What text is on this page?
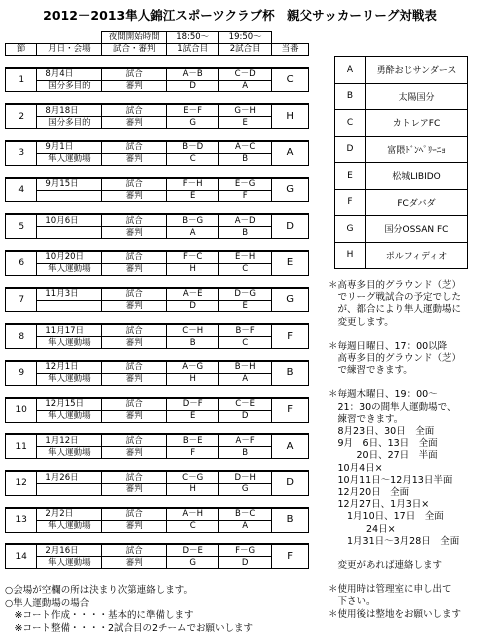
2012－2013隼人錦江スポーツクラブ杯　親父サッカーリーグ対戦表
		夜間開始時間	18:50～	19:50～	
節	月日・会場	試合・審判	1試合目	2試合目	当番

1	8月4日	試合	A－B	C－D	C
	国分多目的	審判	D	A	

2	8月18日	試合	E－F	G－H	H
	国分多目的	審判	G	E	

3	9月1日	試合	B－D	A－C	A
	隼人運動場	審判	C	B	

4	9月15日	試合	F－H	E－G	G
		審判	E	F	

5	10月6日	試合	B－G	A－D	D
		審判	A	B	

6	10月20日	試合	F－C	E－H	E
	隼人運動場	審判	H	C	

7	11月3日	試合	A－E	D－G	G
		審判	D	E	

8	11月17日	試合	C－H	B－F	F
	隼人運動場	審判	B	C	

9	12月1日	試合	A－G	B－H	B
	隼人運動場	審判	H	A	

10	12月15日	試合	D－F	C－E	F
	隼人運動場	審判	E	D	

11	1月12日	試合	B－E	A－F	A
	隼人運動場	審判	F	B	

12	1月26日	試合	C－G	D－H	D
		審判	H	G	

13	2月2日	試合	A－H	B－C	B
	隼人運動場	審判	C	A	

14	2月16日	試合	D－E	F－G	F
	隼人運動場	審判	G	D	
A	勇酔おじサンダース
B	太陽国分
C	カトレアFC
D	富隈ﾄﾞﾝﾍﾟﾘｰﾆｮ
E	松城LIBIDO
F	FCダバダ
G	国分OSSAN FC
H	ポルフィディオ
＊高専多目的グラウンド（芝）
　でリーグ戦試合の予定でした
　が、都合により隼人運動場に
　変更します。
＊毎週日曜日、17：00以降
　高専多目的グラウンド（芝）
　で練習できます。
＊毎週木曜日、19：00～
　21：30の間隼人運動場で、
　練習できます。
　8月23日、30日　全面
　9月　6日、13日　全面
　　　20日、27日　半面
　10月4日×
　10月11日～12月13日半面
　12月20日　全面
　12月27日、1月3日×
　　1月10日、17日　全面
　　　　24日×
　　1月31日～3月28日　全面
　変更があれば連絡します
＊使用時は管理室に申し出て
　下さい。
＊使用後は整地をお願いします
○会場が空欄の所は決まり次第連絡します。
○隼人運動場の場合
　※コート作成・・・・基本的に準備します
　※コート整備・・・・2試合目の2チームでお願いします
